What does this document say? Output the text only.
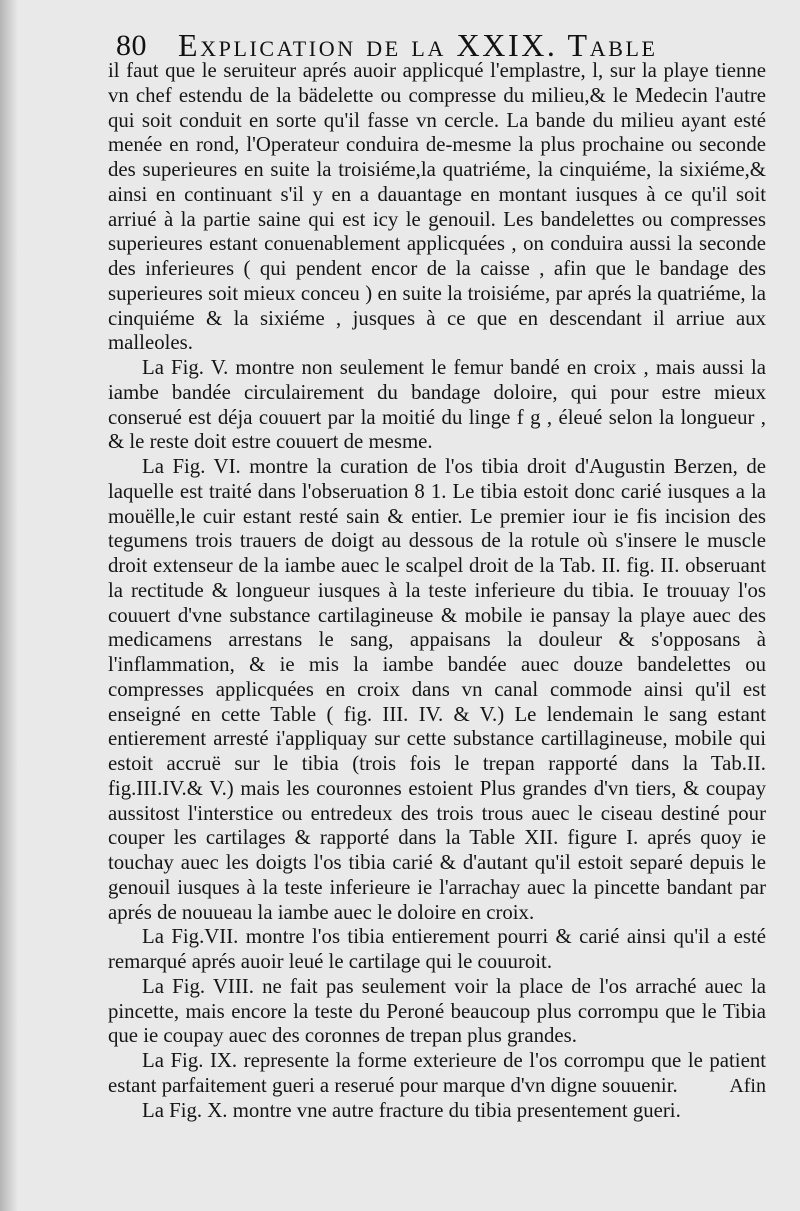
80 Explication de la XXIX. Table

il faut que le seruiteur aprés auoir applicqué l'emplastre, l, sur la playe tienne vn chef estendu de la bädelette ou compresse du milieu,& le Medecin l'autre qui soit conduit en sorte qu'il fasse vn cercle. La bande du milieu ayant esté menée en rond, l'Operateur conduira de-mesme la plus prochaine ou seconde des superieures en suite la troisiéme,la quatriéme, la cinquiéme, la sixiéme,& ainsi en continuant s'il y en a dauantage en montant iusques à ce qu'il soit arriué à la partie saine qui est icy le genouil. Les bandelettes ou compresses superieures estant conuenablement applicquées , on conduira aussi la seconde des inferieures ( qui pendent encor de la caisse , afin que le bandage des superieures soit mieux conceu ) en suite la troisiéme, par aprés la quatriéme, la cinquiéme & la sixiéme , jusques à ce que en descendant il arriue aux malleoles.

La Fig. V. montre non seulement le femur bandé en croix , mais aussi la iambe bandée circulairement du bandage doloire, qui pour estre mieux conserué est déja couuert par la moitié du linge f g , éleué selon la longueur , & le reste doit estre couuert de mesme.

La Fig. VI. montre la curation de l'os tibia droit d'Augustin Berzen, de laquelle est traité dans l'obseruation 8 1. Le tibia estoit donc carié iusques a la mouëlle,le cuir estant resté sain & entier. Le premier iour ie fis incision des tegumens trois trauers de doigt au dessous de la rotule où s'insere le muscle droit extenseur de la iambe auec le scalpel droit de la Tab. II. fig. II. obseruant la rectitude & longueur iusques à la teste inferieure du tibia. Ie trouuay l'os couuert d'vne substance cartilagineuse & mobile ie pansay la playe auec des medicamens arrestans le sang, appaisans la douleur & s'opposans à l'inflammation, & ie mis la iambe bandée auec douze bandelettes ou compresses applicquées en croix dans vn canal commode ainsi qu'il est enseigné en cette Table ( fig. III. IV. & V.) Le lendemain le sang estant entierement arresté i'appliquay sur cette substance cartillagineuse, mobile qui estoit accruë sur le tibia (trois fois le trepan rapporté dans la Tab.II. fig.III.IV.& V.) mais les couronnes estoient Plus grandes d'vn tiers, & coupay aussitost l'interstice ou entredeux des trois trous auec le ciseau destiné pour couper les cartilages & rapporté dans la Table XII. figure I. aprés quoy ie touchay auec les doigts l'os tibia carié & d'autant qu'il estoit separé depuis le genouil iusques à la teste inferieure ie l'arrachay auec la pincette bandant par aprés de nouueau la iambe auec le doloire en croix.

La Fig.VII. montre l'os tibia entierement pourri & carié ainsi qu'il a esté remarqué aprés auoir leué le cartilage qui le couuroit.

La Fig. VIII. ne fait pas seulement voir la place de l'os arraché auec la pincette, mais encore la teste du Peroné beaucoup plus corrompu que le Tibia que ie coupay auec des coronnes de trepan plus grandes.

La Fig. IX. represente la forme exterieure de l'os corrompu que le patient estant parfaitement gueri a reserué pour marque d'vn digne souuenir.

La Fig. X. montre vne autre fracture du tibia presentement gueri.

Afin
